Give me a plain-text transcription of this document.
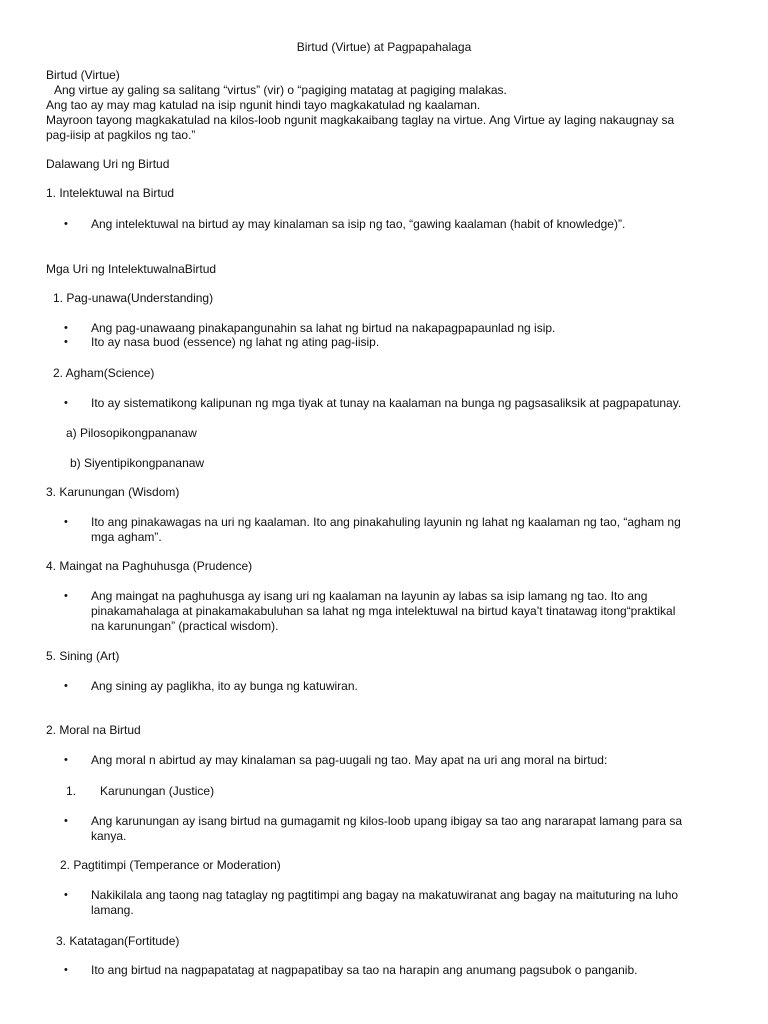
Birtud (Virtue) at Pagpapahalaga
Birtud (Virtue)
Ang virtue ay galing sa salitang “virtus” (vir) o “pagiging matatag at pagiging malakas.
Ang tao ay may mag katulad na isip ngunit hindi tayo magkakatulad ng kaalaman.
Mayroon tayong magkakatulad na kilos-loob ngunit magkakaibang taglay na virtue. Ang Virtue ay laging nakaugnay sa
pag-iisip at pagkilos ng tao.”
Dalawang Uri ng Birtud
1. Intelektuwal na Birtud
• Ang intelektuwal na birtud ay may kinalaman sa isip ng tao, “gawing kaalaman (habit of knowledge)”.
Mga Uri ng IntelektuwalnaBirtud
1. Pag-unawa(Understanding)
• Ang pag-unawaang pinakapangunahin sa lahat ng birtud na nakapagpapaunlad ng isip.
• Ito ay nasa buod (essence) ng lahat ng ating pag-iisip.
2. Agham(Science)
• Ito ay sistematikong kalipunan ng mga tiyak at tunay na kaalaman na bunga ng pagsasaliksik at pagpapatunay.
a) Pilosopikongpananaw
b) Siyentipikongpananaw
3. Karunungan (Wisdom)
• Ito ang pinakawagas na uri ng kaalaman. Ito ang pinakahuling layunin ng lahat ng kaalaman ng tao, “agham ng
mga agham”.
4. Maingat na Paghuhusga (Prudence)
• Ang maingat na paghuhusga ay isang uri ng kaalaman na layunin ay labas sa isip lamang ng tao. Ito ang
pinakamahalaga at pinakamakabuluhan sa lahat ng mga intelektuwal na birtud kaya’t tinatawag itong“praktikal
na karunungan” (practical wisdom).
5. Sining (Art)
• Ang sining ay paglikha, ito ay bunga ng katuwiran.
2. Moral na Birtud
• Ang moral n abirtud ay may kinalaman sa pag-uugali ng tao. May apat na uri ang moral na birtud:
1. Karunungan (Justice)
• Ang karunungan ay isang birtud na gumagamit ng kilos-loob upang ibigay sa tao ang nararapat lamang para sa
kanya.
2. Pagtitimpi (Temperance or Moderation)
• Nakikilala ang taong nag tataglay ng pagtitimpi ang bagay na makatuwiranat ang bagay na maituturing na luho
lamang.
3. Katatagan(Fortitude)
• Ito ang birtud na nagpapatatag at nagpapatibay sa tao na harapin ang anumang pagsubok o panganib.
